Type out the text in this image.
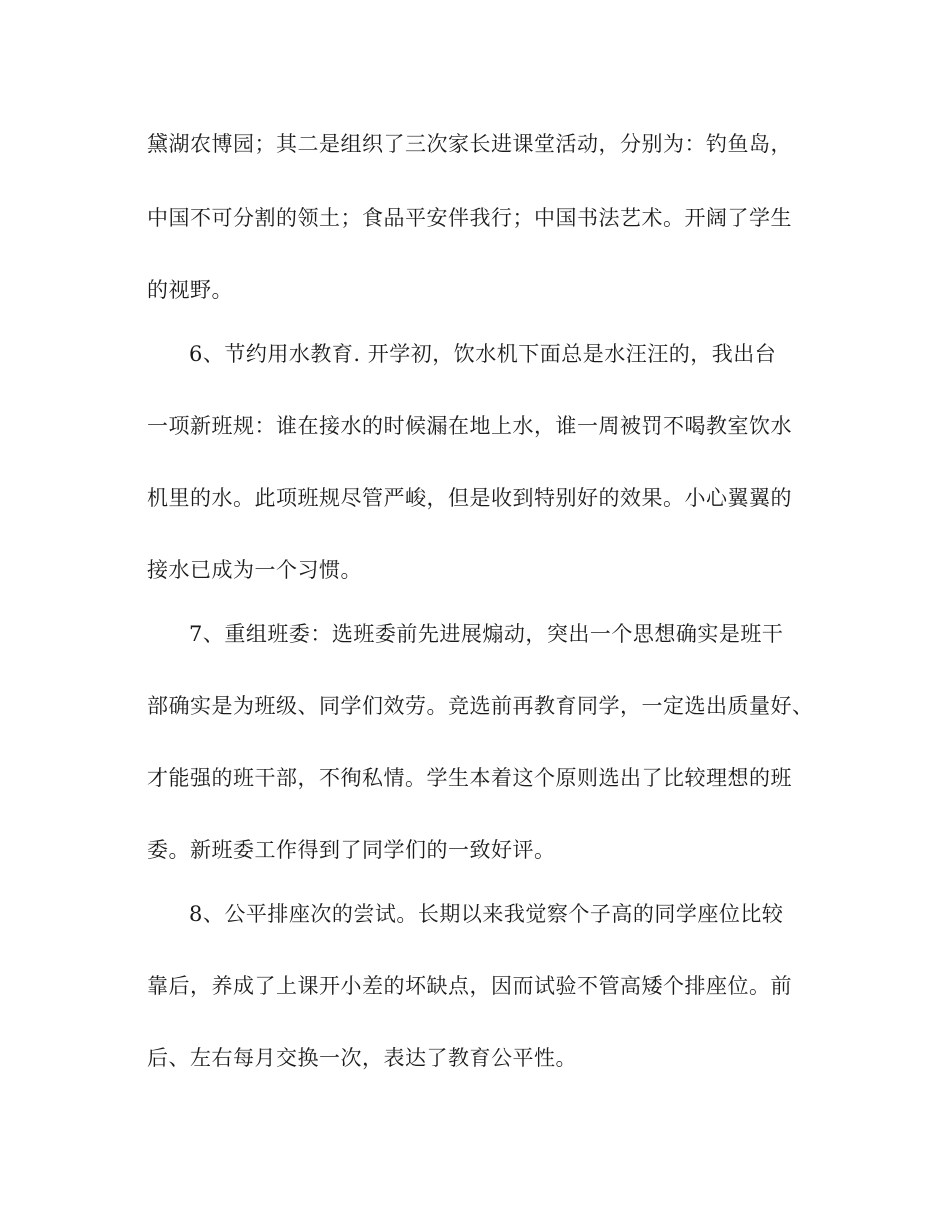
黛湖农博园；其二是组织了三次家长进课堂活动，分别为：钓鱼岛，
中国不可分割的领土；食品平安伴我行；中国书法艺术。开阔了学生
的视野。
6、节约用水教育. 开学初，饮水机下面总是水汪汪的，我出台
一项新班规：谁在接水的时候漏在地上水，谁一周被罚不喝教室饮水
机里的水。此项班规尽管严峻，但是收到特别好的效果。小心翼翼的
接水已成为一个习惯。
7、重组班委：选班委前先进展煽动，突出一个思想确实是班干
部确实是为班级、同学们效劳。竞选前再教育同学，一定选出质量好、
才能强的班干部，不徇私情。学生本着这个原则选出了比较理想的班
委。新班委工作得到了同学们的一致好评。
8、公平排座次的尝试。长期以来我觉察个子高的同学座位比较
靠后，养成了上课开小差的坏缺点，因而试验不管高矮个排座位。前
后、左右每月交换一次，表达了教育公平性。
